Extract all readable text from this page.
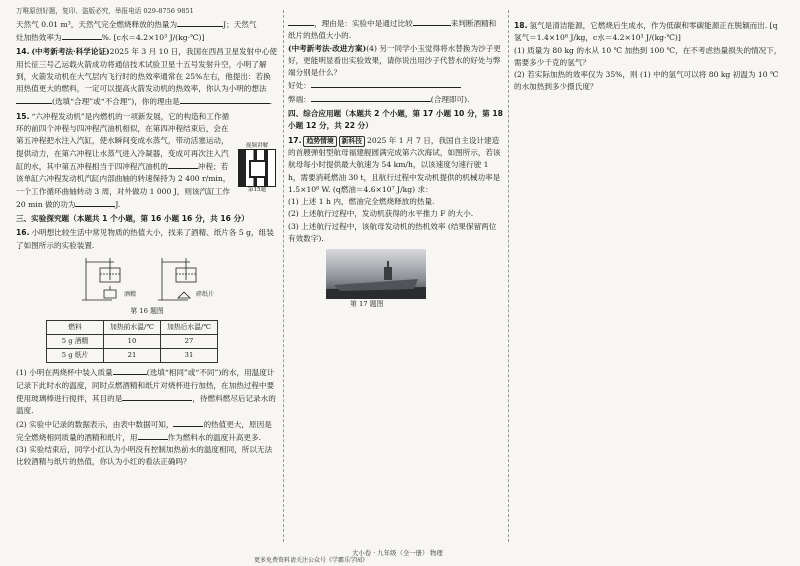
万唯原创好题，复印、盗版必究，举报电话 029-8756 9851

天然气 0.01 m³，天然气完全燃烧释放的热量为	J；天然气

灶加热效率为	%. [c水＝4.2×10³ J/(kg·℃)]

14. (中考新考法·科学论证)2025 年 3 月 10 日，我国在西昌卫星发射中心使用长征三号乙运载火箭成功将通信技术试验卫星十五号发射升空，小明了解到，火箭发动机在大气层内飞行时的热效率通常在 25%左右，他提出：若换用热值更大的燃料，一定可以提高火箭发动机的热效率，你认为小明的想法(选填“合理”或“不合理”)，你的理由是	.

视频讲解
第15题

15. “六冲程发动机”是内燃机的一项新发展，它的构造和工作循环的前四个冲程与四冲程汽油机相似，在第四冲程结束后，会在第五冲程把水注入汽缸，使水瞬间变成水蒸气，带动活塞运动，提供动力，在第六冲程让水蒸气进入冷凝器，变成可再次注入汽缸的水，其中第五冲程相当于四冲程汽油机的	冲程；若该单缸六冲程发动机汽缸内部曲轴的转速保持为 2 400 r/min，一个工作循环曲轴转动 3 周，对外做功 1 000 J，则该汽缸工作 20 min 做的功为	J.

三、实验探究题（本题共 1 个小题，第 16 小题 16 分，共 16 分）

16. 小明想比较生活中常见物质的热值大小，找来了酒精、纸片各 5 g，组装了如图所示的实验装置.

酒精	碎纸片
第 16 题图
燃料	加热前水温/℃	加热后水温/℃
5 g 酒精	10	27
5 g 纸片	21	31

(1) 小明在两烧杯中装入质量	(选填“相同”或“不同”)的水，用温度计记录下此时水的温度，同时点燃酒精和纸片对烧杯进行加热，在加热过程中要使用玻璃棒进行搅拌，其目的是	，待燃料燃尽后记录水的温度.

(2) 实验中记录的数据表示，由表中数据可知，	的热值更大，原因是完全燃烧相同质量的酒精和纸片，用	作为燃料水的温度升高更多.

(3) 实验结束后，同学小红认为小明没有控制加热前水的温度相同，所以无法比较酒精与纸片的热值，你认为小红的看法正确吗？

，理由是：实验中是通过比较	来判断酒精和纸片的热值大小的.

(中考新考法·改进方案)(4) 另一同学小玉觉得将水替换为沙子更好，更能明显看出实验效果，请你说出用沙子代替水的好处与弊端分别是什么？

好处：

弊端：	(合理即可).

四、综合应用题（本题共 2 个小题，第 17 小题 10 分，第 18 小题 12 分，共 22 分）

17. 趋势情境 新科技 2025 年 1 月 7 日，我国自主设计建造的首艘弹射型航母福建舰圆满完成第六次海试，如图所示，若该航母每小时提供最大航速为 54 km/h，以该速度匀速行驶 1 h，需要消耗燃油 30 t，且航行过程中发动机提供的机械功率是 1.5×10⁸ W. (q燃油＝4.6×10⁷ J/kg) 求：

(1) 上述 1 h 内，燃油完全燃烧释放的热量.

(2) 上述航行过程中，发动机获得的水平推力 F 的大小.

(3) 上述航行过程中，该航母发动机的热机效率 (结果保留两位有效数字).

第 17 题图

18. 氢气是清洁能源，它燃烧后生成水，作为低碳和零碳能源正在脱颖而出. [q氢气＝1.4×10⁸ J/kg，c水＝4.2×10³ J/(kg·℃)]

(1) 质量为 80 kg 的水从 10 ℃ 加热到 100 ℃，在不考虑热量损失的情况下，需要多少千克的氢气？

(2) 若实际加热的效率仅为 35%，则 (1) 中的氢气可以将 80 kg 初温为 10 ℃ 的水加热到多少摄氏度？

大小卷 · 九年级（全一册） 物理
更多免费资料请关注公众号《学霸乐学园》
